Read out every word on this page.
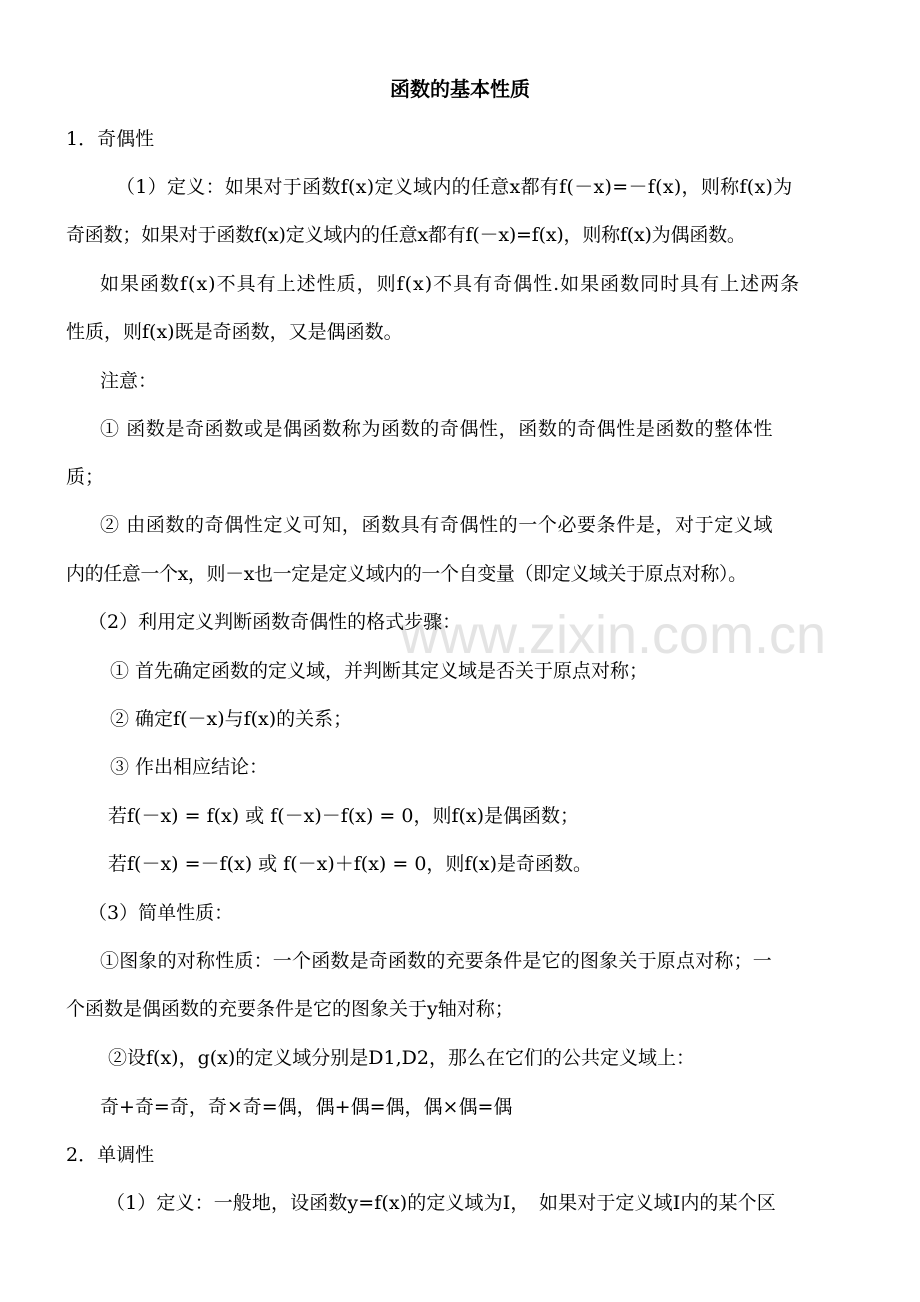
www.zixin.com.cn

函数的基本性质

1．奇偶性

（1）定义：如果对于函数f(x)定义域内的任意x都有f(－x)=－f(x)，则称f(x)为

奇函数；如果对于函数f(x)定义域内的任意x都有f(－x)=f(x)，则称f(x)为偶函数。

如果函数f(x)不具有上述性质，则f(x)不具有奇偶性.如果函数同时具有上述两条

性质，则f(x)既是奇函数，又是偶函数。

注意：

① 函数是奇函数或是偶函数称为函数的奇偶性，函数的奇偶性是函数的整体性

质；

② 由函数的奇偶性定义可知，函数具有奇偶性的一个必要条件是，对于定义域

内的任意一个x，则－x也一定是定义域内的一个自变量（即定义域关于原点对称）。

（2）利用定义判断函数奇偶性的格式步骤：

① 首先确定函数的定义域，并判断其定义域是否关于原点对称；

② 确定f(－x)与f(x)的关系；

③ 作出相应结论：

若f(－x) = f(x) 或 f(－x)－f(x) = 0，则f(x)是偶函数；

若f(－x) =－f(x) 或 f(－x)＋f(x) = 0，则f(x)是奇函数。

（3）简单性质：

①图象的对称性质：一个函数是奇函数的充要条件是它的图象关于原点对称；一

个函数是偶函数的充要条件是它的图象关于y轴对称；

②设f(x)，g(x)的定义域分别是D1,D2，那么在它们的公共定义域上：

奇+奇=奇，奇×奇=偶，偶+偶=偶，偶×偶=偶

2．单调性

（1）定义：一般地，设函数y=f(x)的定义域为I，　如果对于定义域I内的某个区
